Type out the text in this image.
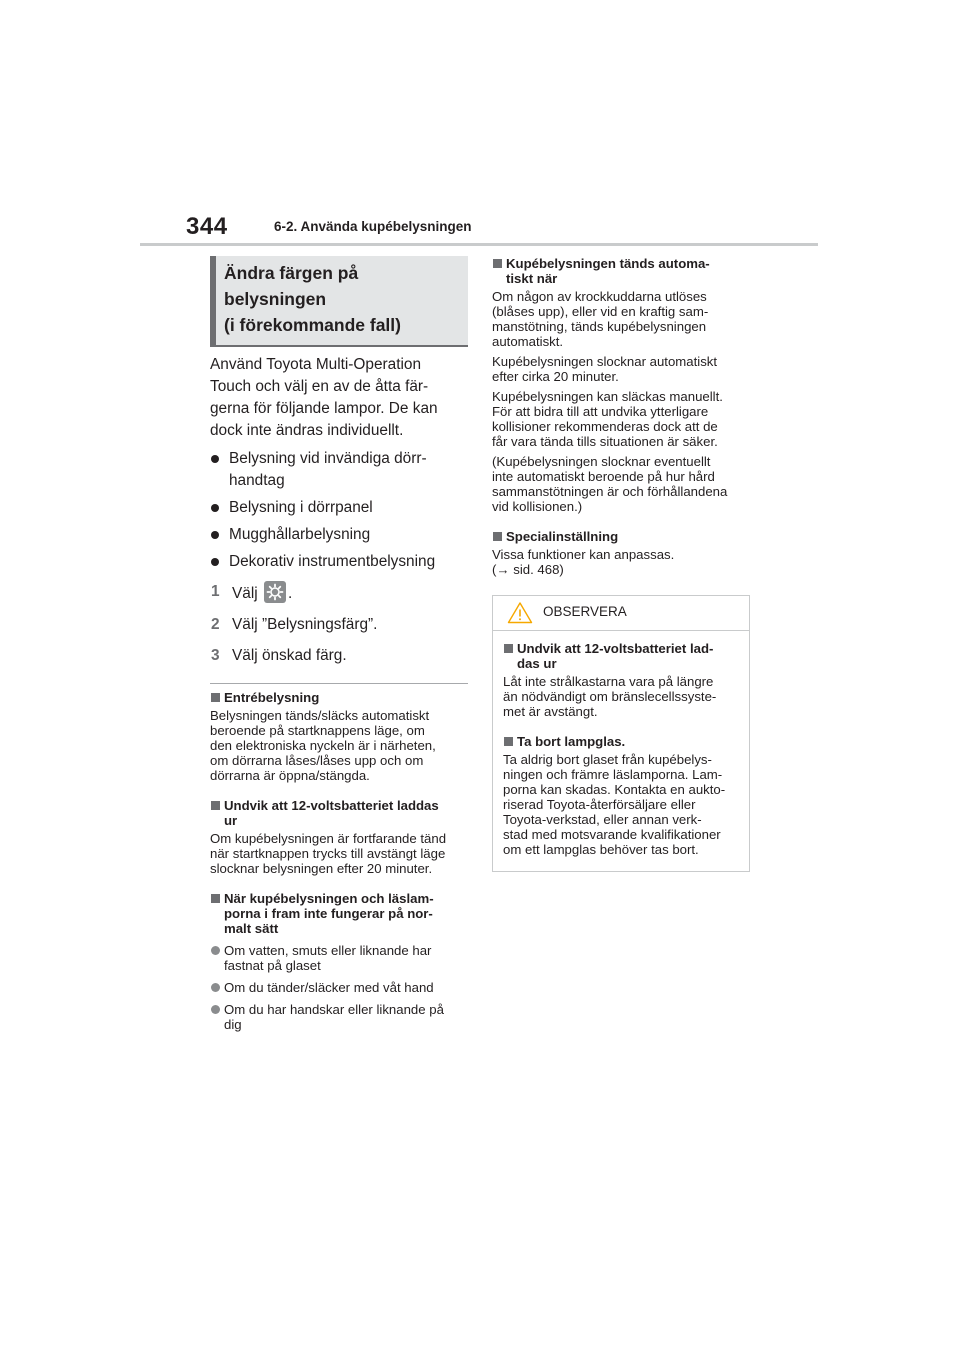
344	6-2. Använda kupébelysningen
Ändra färgen på
belysningen
(i förekommande fall)
Använd Toyota Multi-Operation
Touch och välj en av de åtta fär-
gerna för följande lampor. De kan
dock inte ändras individuellt.
Belysning vid invändiga dörr-
handtag
Belysning i dörrpanel
Mugghållarbelysning
Dekorativ instrumentbelysning
1 Välj .
2 Välj ”Belysningsfärg”.
3 Välj önskad färg.
Entrébelysning
Belysningen tänds/släcks automatiskt
beroende på startknappens läge, om
den elektroniska nyckeln är i närheten,
om dörrarna låses/låses upp och om
dörrarna är öppna/stängda.
Undvik att 12-voltsbatteriet laddas
ur
Om kupébelysningen är fortfarande tänd
när startknappen trycks till avstängt läge
slocknar belysningen efter 20 minuter.
När kupébelysningen och läslam-
porna i fram inte fungerar på nor-
malt sätt
Om vatten, smuts eller liknande har
fastnat på glaset
Om du tänder/släcker med våt hand
Om du har handskar eller liknande på
dig
Kupébelysningen tänds automa-
tiskt när
Om någon av krockkuddarna utlöses
(blåses upp), eller vid en kraftig sam-
manstötning, tänds kupébelysningen
automatiskt.
Kupébelysningen slocknar automatiskt
efter cirka 20 minuter.
Kupébelysningen kan släckas manuellt.
För att bidra till att undvika ytterligare
kollisioner rekommenderas dock att de
får vara tända tills situationen är säker.
(Kupébelysningen slocknar eventuellt
inte automatiskt beroende på hur hård
sammanstötningen är och förhållandena
vid kollisionen.)
Specialinställning
Vissa funktioner kan anpassas.
(→ sid. 468)
OBSERVERA
Undvik att 12-voltsbatteriet lad-
das ur
Låt inte strålkastarna vara på längre
än nödvändigt om bränslecellssyste-
met är avstängt.
Ta bort lampglas.
Ta aldrig bort glaset från kupébelys-
ningen och främre läslamporna. Lam-
porna kan skadas. Kontakta en aukto-
riserad Toyota-återförsäljare eller
Toyota-verkstad, eller annan verk-
stad med motsvarande kvalifikationer
om ett lampglas behöver tas bort.
